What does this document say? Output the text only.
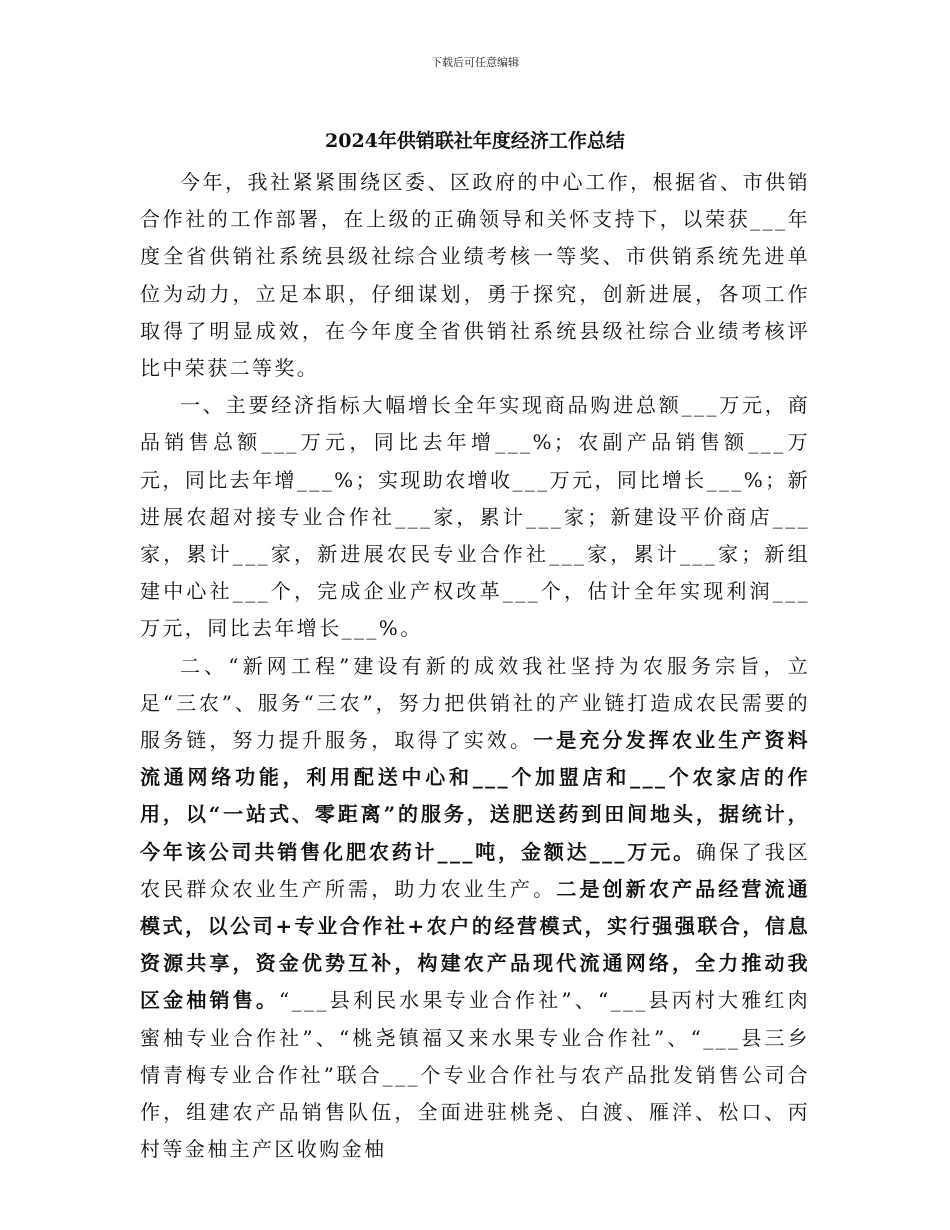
下载后可任意编辑
2024年供销联社年度经济工作总结

今年，我社紧紧围绕区委、区政府的中心工作，根据省、市供销合作社的工作部署，在上级的正确领导和关怀支持下，以荣获___年度全省供销社系统县级社综合业绩考核一等奖、市供销系统先进单位为动力，立足本职，仔细谋划，勇于探究，创新进展，各项工作取得了明显成效，在今年度全省供销社系统县级社综合业绩考核评比中荣获二等奖。

一、主要经济指标大幅增长全年实现商品购进总额___万元，商品销售总额___万元，同比去年增___%；农副产品销售额___万元，同比去年增___%；实现助农增收___万元，同比增长___%；新进展农超对接专业合作社___家，累计___家；新建设平价商店___家，累计___家，新进展农民专业合作社___家，累计___家；新组建中心社___个，完成企业产权改革___个，估计全年实现利润___万元，同比去年增长___%。

二、“新网工程”建设有新的成效我社坚持为农服务宗旨，立足“三农”、服务“三农”，努力把供销社的产业链打造成农民需要的服务链，努力提升服务，取得了实效。一是充分发挥农业生产资料流通网络功能，利用配送中心和___个加盟店和___个农家店的作用，以“一站式、零距离”的服务，送肥送药到田间地头，据统计，今年该公司共销售化肥农药计___吨，金额达___万元。确保了我区农民群众农业生产所需，助力农业生产。二是创新农产品经营流通模式，以公司+专业合作社+农户的经营模式，实行强强联合，信息资源共享，资金优势互补，构建农产品现代流通网络，全力推动我区金柚销售。“___县利民水果专业合作社”、“___县丙村大雅红肉蜜柚专业合作社”、“桃尧镇福又来水果专业合作社”、“___县三乡情青梅专业合作社”联合___个专业合作社与农产品批发销售公司合作，组建农产品销售队伍，全面进驻桃尧、白渡、雁洋、松口、丙村等金柚主产区收购金柚
